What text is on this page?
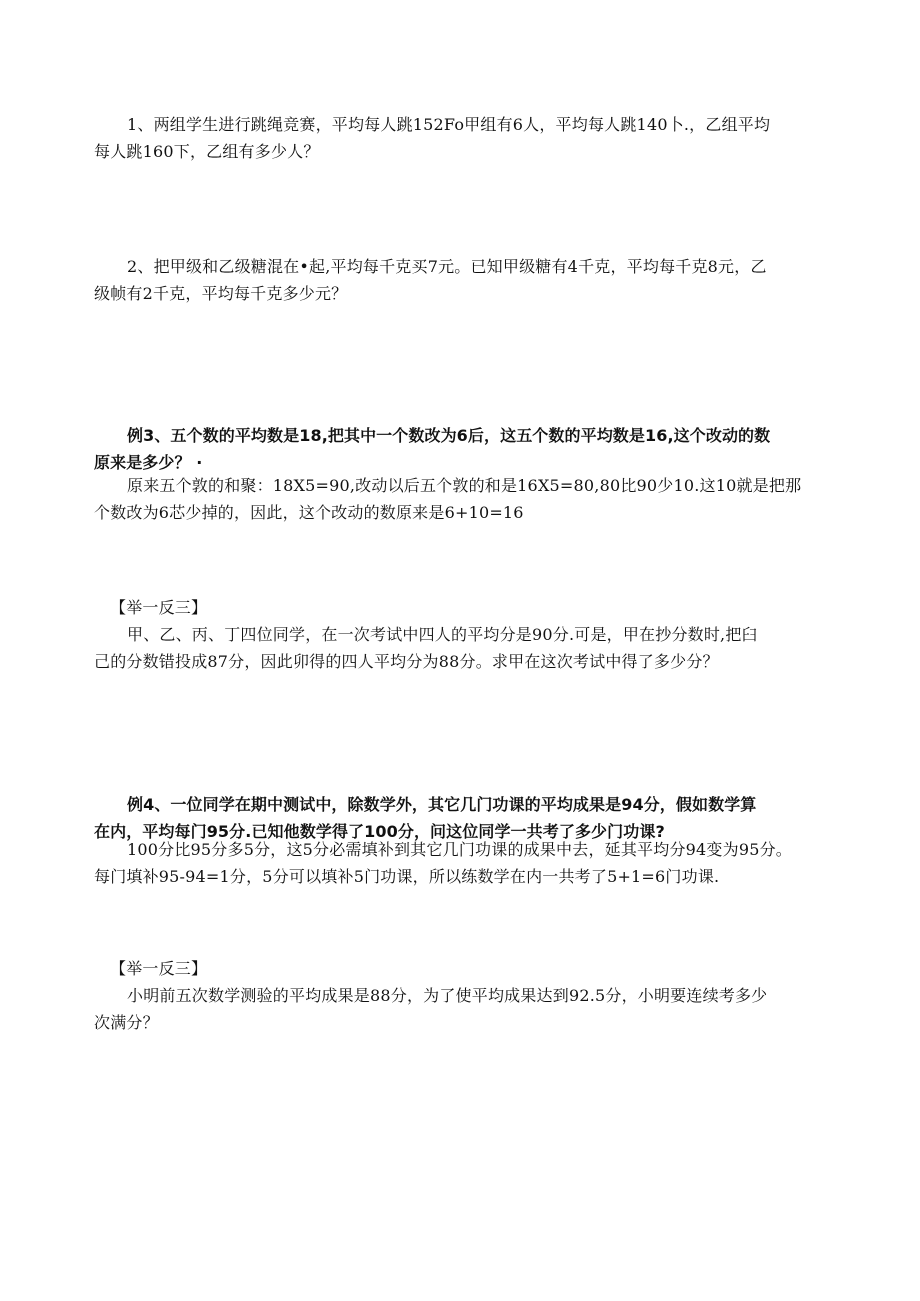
1、两组学生进行跳绳竞赛，平均每人跳152Fo甲组有6人，平均每人跳140卜.，乙组平均
每人跳160下，乙组有多少人？
2、把甲级和乙级糖混在•起,平均每千克买7元。已知甲级糖有4千克，平均每千克8元，乙
级帧有2千克，平均每千克多少元？
例3、五个数的平均数是18,把其中一个数改为6后，这五个数的平均数是16,这个改动的数
原来是多少？ ·
原来五个敦的和聚：18X5=90,改动以后五个敦的和是16X5=80,80比90少10.这10就是把那
个数改为6芯少掉的，因此，这个改动的数原来是6+10=16
【举一反三】
甲、乙、丙、丁四位同学，在一次考试中四人的平均分是90分.可是，甲在抄分数时,把臼
己的分数错投成87分，因此卯得的四人平均分为88分。求甲在这次考试中得了多少分？
例4、一位同学在期中测试中，除数学外，其它几门功课的平均成果是94分，假如数学算
在内，平均每门95分.已知他数学得了100分，问这位同学一共考了多少门功课?
100分比95分多5分，这5分必需填补到其它几门功课的成果中去，延其平均分94变为95分。
每门填补95-94=1分，5分可以填补5门功课，所以练数学在内一共考了5+1=6门功课.
【举一反三】
小明前五次数学测验的平均成果是88分，为了使平均成果达到92.5分，小明要连续考多少
次满分？
